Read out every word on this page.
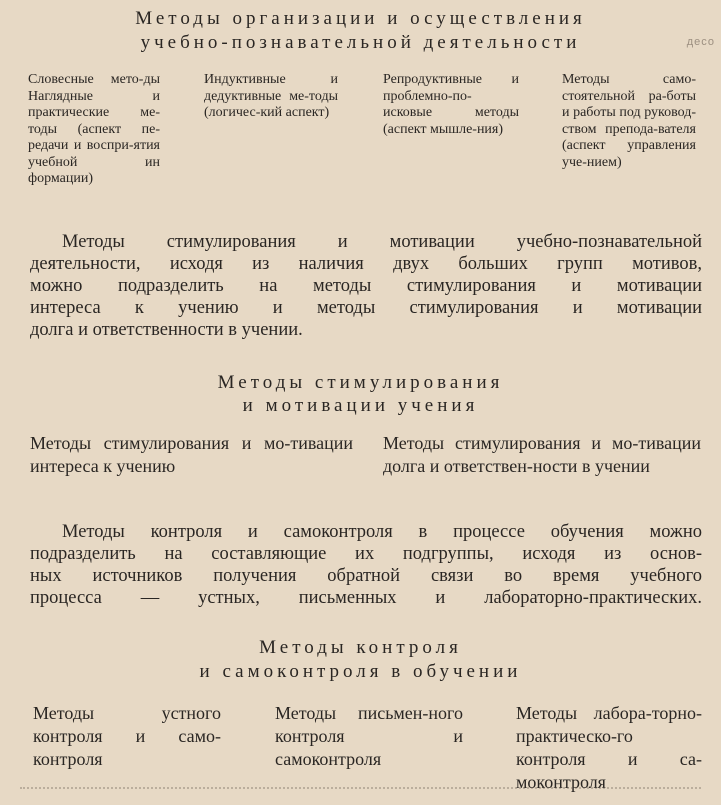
десо
Методы организации и осуществления
учебно-познавательной деятельности
Словесные мето-ды Наглядные и практические ме-тоды (аспект пе-редачи и воспри-ятия учебной ин формации)
Индуктивные и дедуктивные ме-тоды (логичес-кий аспект)
Репродуктивные и проблемно-по-исковые методы (аспект мышле-ния)
Методы само-стоятельной ра-боты и работы под руковод-ством препода-вателя (аспект управления уче-нием)
Методы стимулирования и мотивации учебно-познавательной
деятельности, исходя из наличия двух больших групп мотивов,
можно подразделить на методы стимулирования и мотивации
интереса к учению и методы стимулирования и мотивации
долга и ответственности в учении.
Методы стимулирования
и мотивации учения
Методы стимулирования и мо-тивации интереса к учению
Методы стимулирования и мо-тивации долга и ответствен-ности в учении
Методы контроля и самоконтроля в процессе обучения можно
подразделить на составляющие их подгруппы, исходя из основ-
ных источников получения обратной связи во время учебного
процесса — устных, письменных и лабораторно-практических.
Методы контроля
и самоконтроля в обучении
Методы устного контроля и само-контроля
Методы письмен-ного контроля и самоконтроля
Методы лабора-торно-практическо-го контроля и са-моконтроля
